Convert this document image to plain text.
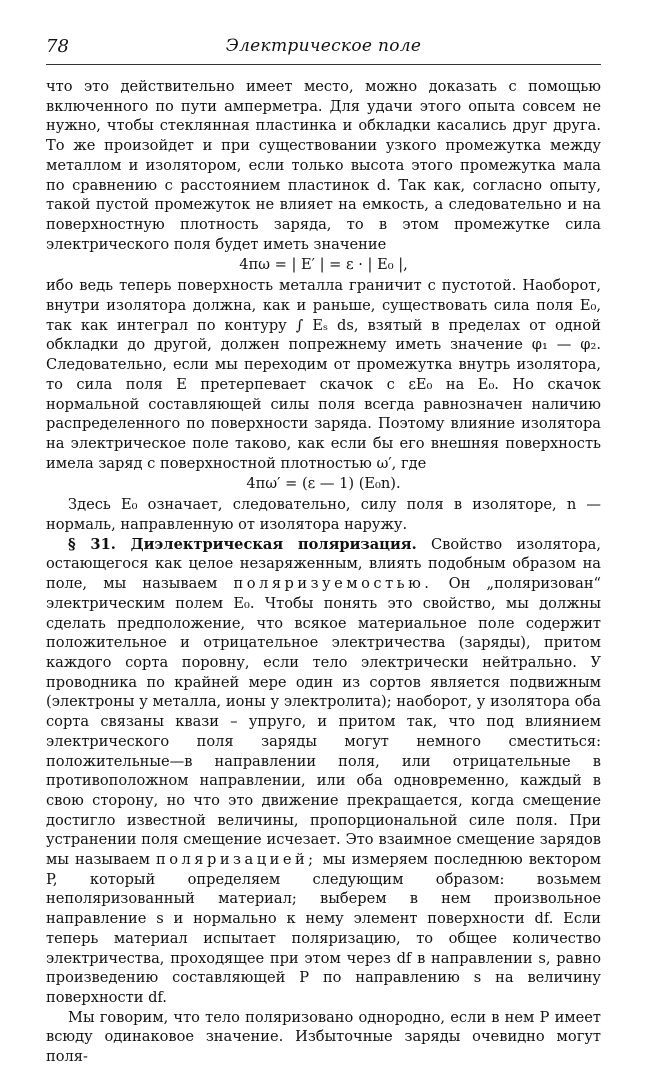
78	Электрическое поле

что это действительно имеет место, можно доказать с помощью включенного по пути амперметра. Для удачи этого опыта совсем не нужно, чтобы стеклянная пластинка и обкладки касались друг друга. То же произойдет и при существовании узкого промежутка между металлом и изолятором, если только высота этого промежутка мала по сравнению с расстоянием пластинок d. Так как, согласно опыту, такой пустой промежуток не влияет на емкость, а следовательно и на поверхностную плотность заряда, то в этом промежутке сила электрического поля будет иметь значение

4πω = | E′ | = ε · | E₀ |,

ибо ведь теперь поверхность металла граничит с пустотой. Наоборот, внутри изолятора должна, как и раньше, существовать сила поля E₀, так как интеграл по контуру ∫ Eₛ ds, взятый в пределах от одной обкладки до другой, должен попрежнему иметь значение φ₁ — φ₂. Следовательно, если мы переходим от промежутка внутрь изолятора, то сила поля E претерпевает скачок с εE₀ на E₀. Но скачок нормальной составляющей силы поля всегда равнозначен наличию распределенного по поверхности заряда. Поэтому влияние изолятора на электрическое поле таково, как если бы его внешняя поверхность имела заряд с поверхностной плотностью ω′, где

4πω′ = (ε — 1) (E₀n).

Здесь E₀ означает, следовательно, силу поля в изоляторе, n — нормаль, направленную от изолятора наружу.

§ 31. Диэлектрическая поляризация. Свойство изолятора, остающегося как целое незаряженным, влиять подобным образом на поле, мы называем поляризуемостью. Он „поляризован“ электрическим полем E₀. Чтобы понять это свойство, мы должны сделать предположение, что всякое материальное поле содержит положительное и отрицательное электричества (заряды), притом каждого сорта поровну, если тело электрически нейтрально. У проводника по крайней мере один из сортов является подвижным (электроны у металла, ионы у электролита); наоборот, у изолятора оба сорта связаны квази – упруго, и притом так, что под влиянием электрического поля заряды могут немного сместиться: положительные—в направлении поля, или отрицательные в противоположном направлении, или оба одновременно, каждый в свою сторону, но что это движение прекращается, когда смещение достигло известной величины, пропорциональной силе поля. При устранении поля смещение исчезает. Это взаимное смещение зарядов мы называем поляризацией; мы измеряем последнюю вектором P, который определяем следующим образом: возьмем неполяризованный материал; выберем в нем произвольное направление s и нормально к нему элемент поверхности df. Если теперь материал испытает поляризацию, то общее количество электричества, проходящее при этом через df в направлении s, равно произведению составляющей P по направлению s на величину поверхности df.

Мы говорим, что тело поляризовано однородно, если в нем P имеет всюду одинаковое значение. Избыточные заряды очевидно могут поля-
